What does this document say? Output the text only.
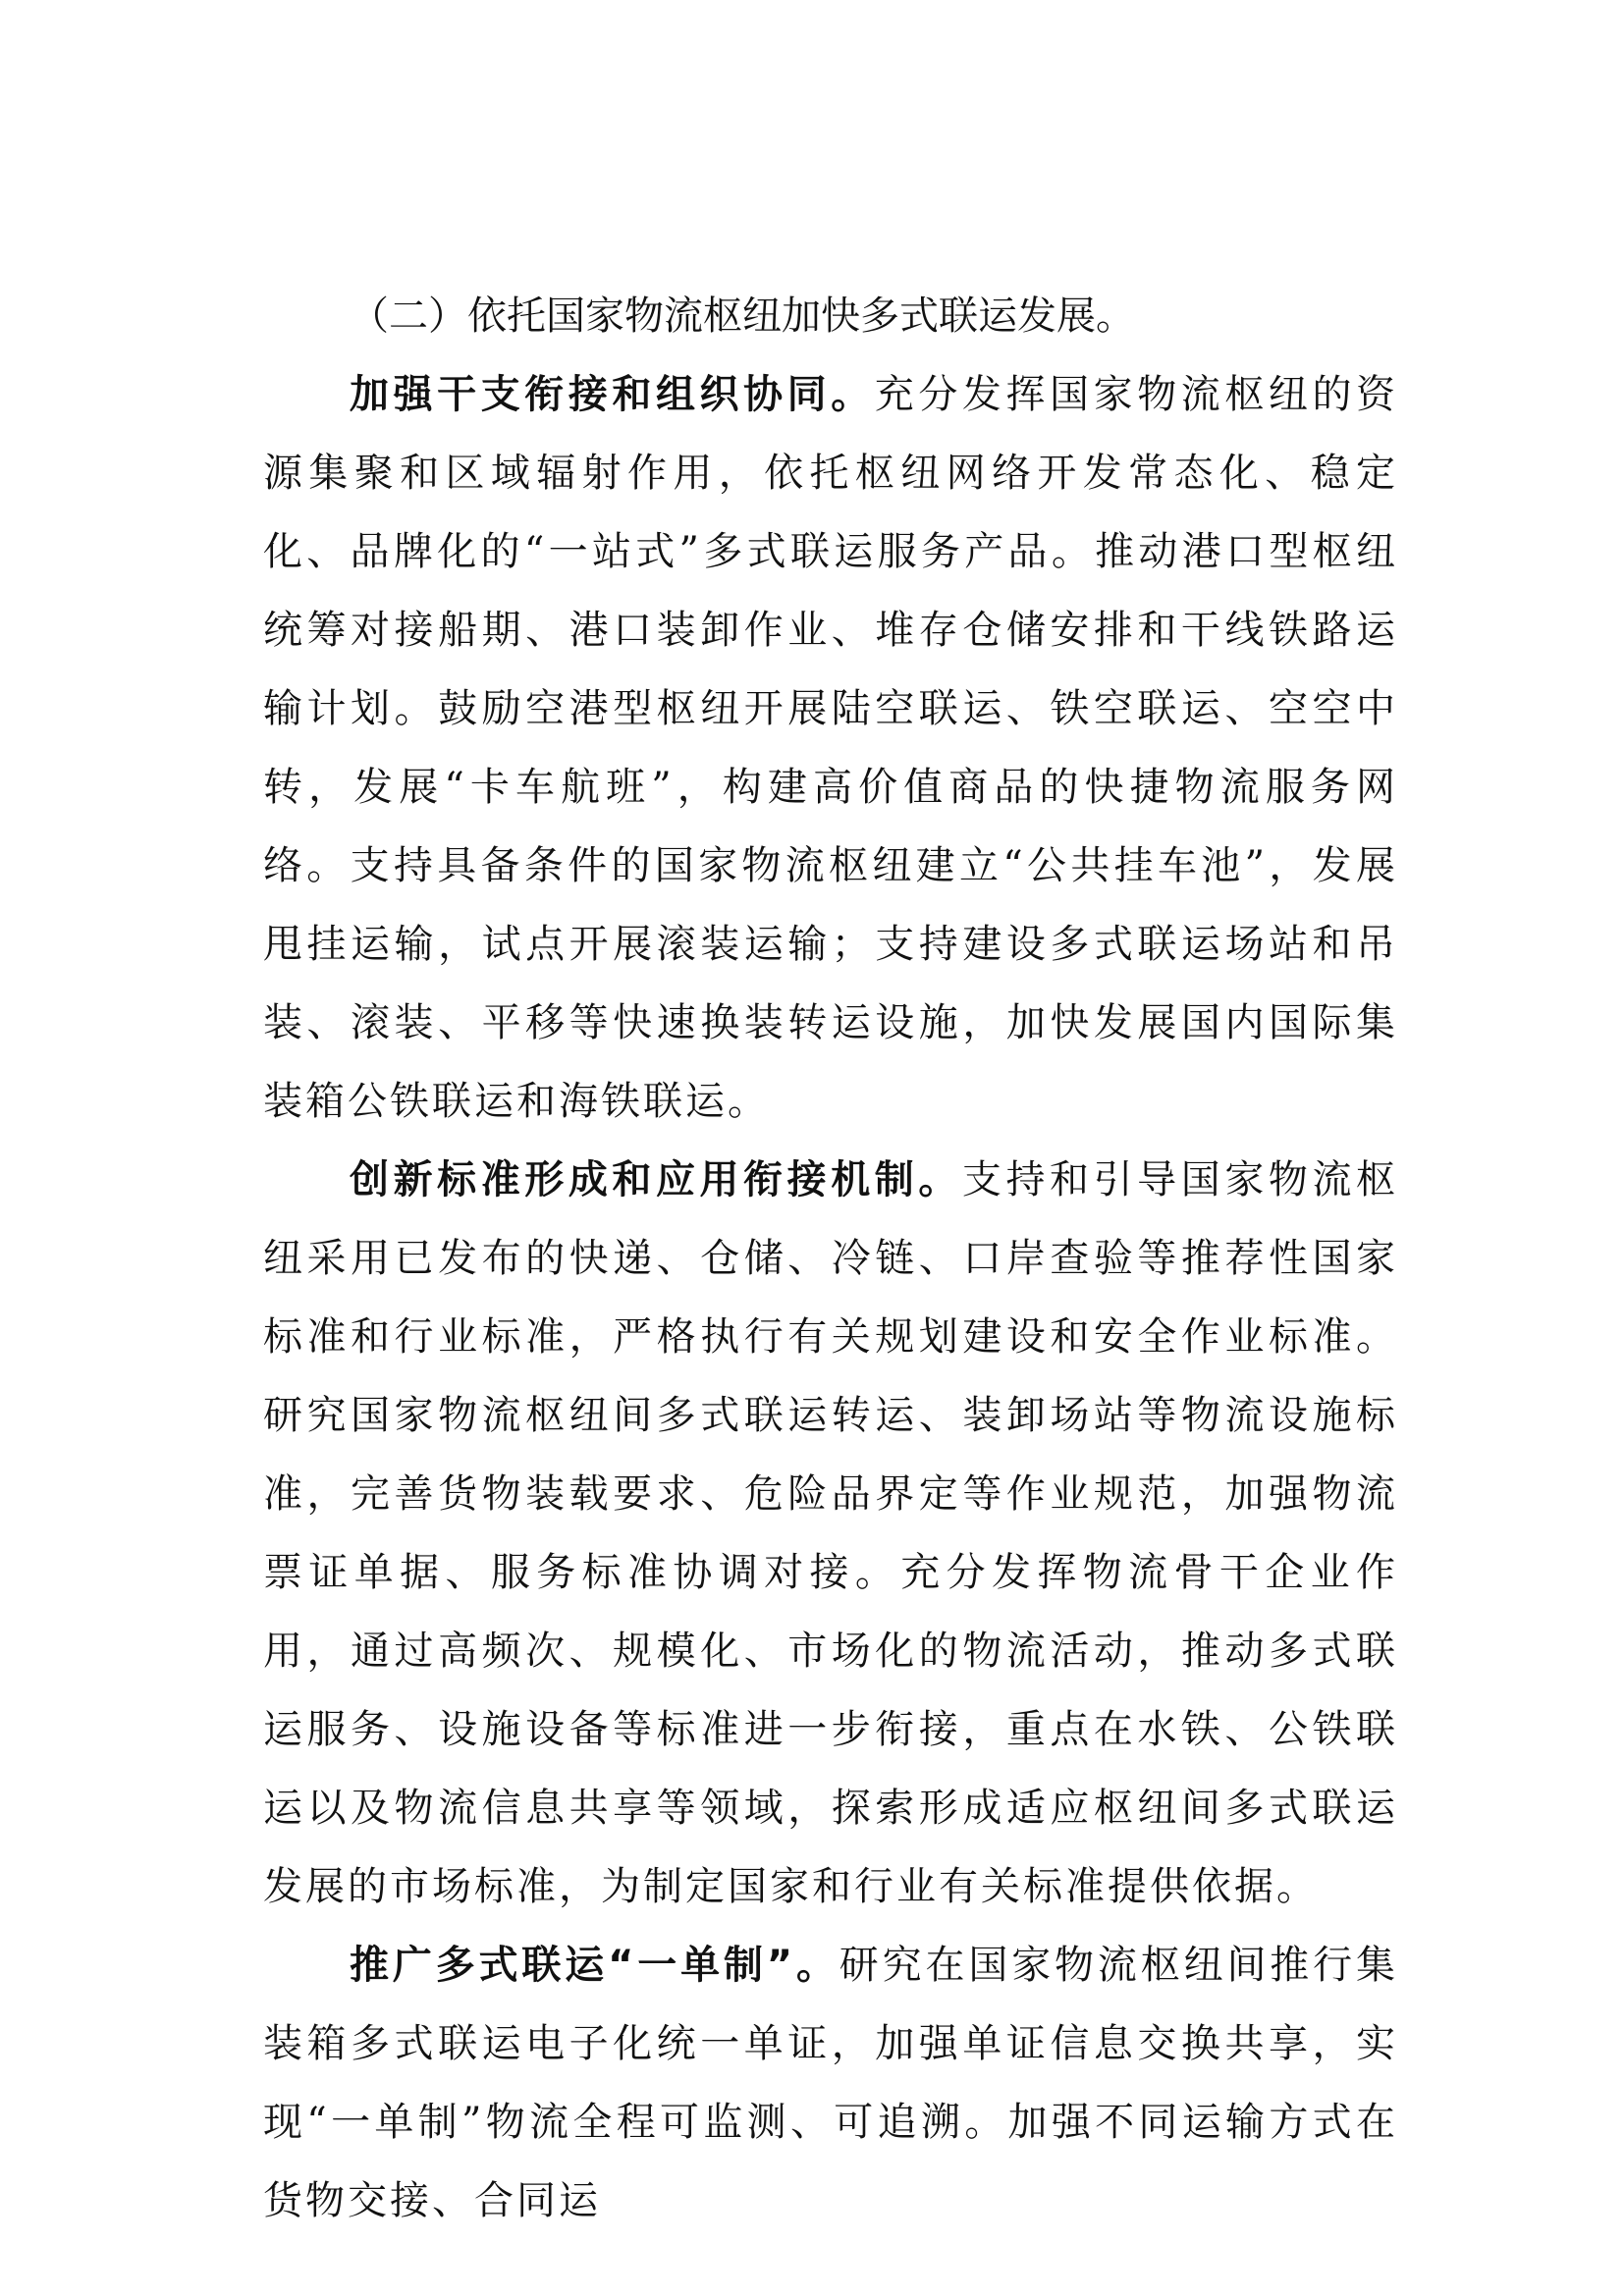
（二）依托国家物流枢纽加快多式联运发展。

加强干支衔接和组织协同。充分发挥国家物流枢纽的资源集聚和区域辐射作用，依托枢纽网络开发常态化、稳定化、品牌化的“一站式”多式联运服务产品。推动港口型枢纽统筹对接船期、港口装卸作业、堆存仓储安排和干线铁路运输计划。鼓励空港型枢纽开展陆空联运、铁空联运、空空中转，发展“卡车航班”，构建高价值商品的快捷物流服务网络。支持具备条件的国家物流枢纽建立“公共挂车池”，发展甩挂运输，试点开展滚装运输；支持建设多式联运场站和吊装、滚装、平移等快速换装转运设施，加快发展国内国际集装箱公铁联运和海铁联运。

创新标准形成和应用衔接机制。支持和引导国家物流枢纽采用已发布的快递、仓储、冷链、口岸查验等推荐性国家标准和行业标准，严格执行有关规划建设和安全作业标准。研究国家物流枢纽间多式联运转运、装卸场站等物流设施标准，完善货物装载要求、危险品界定等作业规范，加强物流票证单据、服务标准协调对接。充分发挥物流骨干企业作用，通过高频次、规模化、市场化的物流活动，推动多式联运服务、设施设备等标准进一步衔接，重点在水铁、公铁联运以及物流信息共享等领域，探索形成适应枢纽间多式联运发展的市场标准，为制定国家和行业有关标准提供依据。

推广多式联运“一单制”。研究在国家物流枢纽间推行集装箱多式联运电子化统一单证，加强单证信息交换共享，实现“一单制”物流全程可监测、可追溯。加强不同运输方式在货物交接、合同运
